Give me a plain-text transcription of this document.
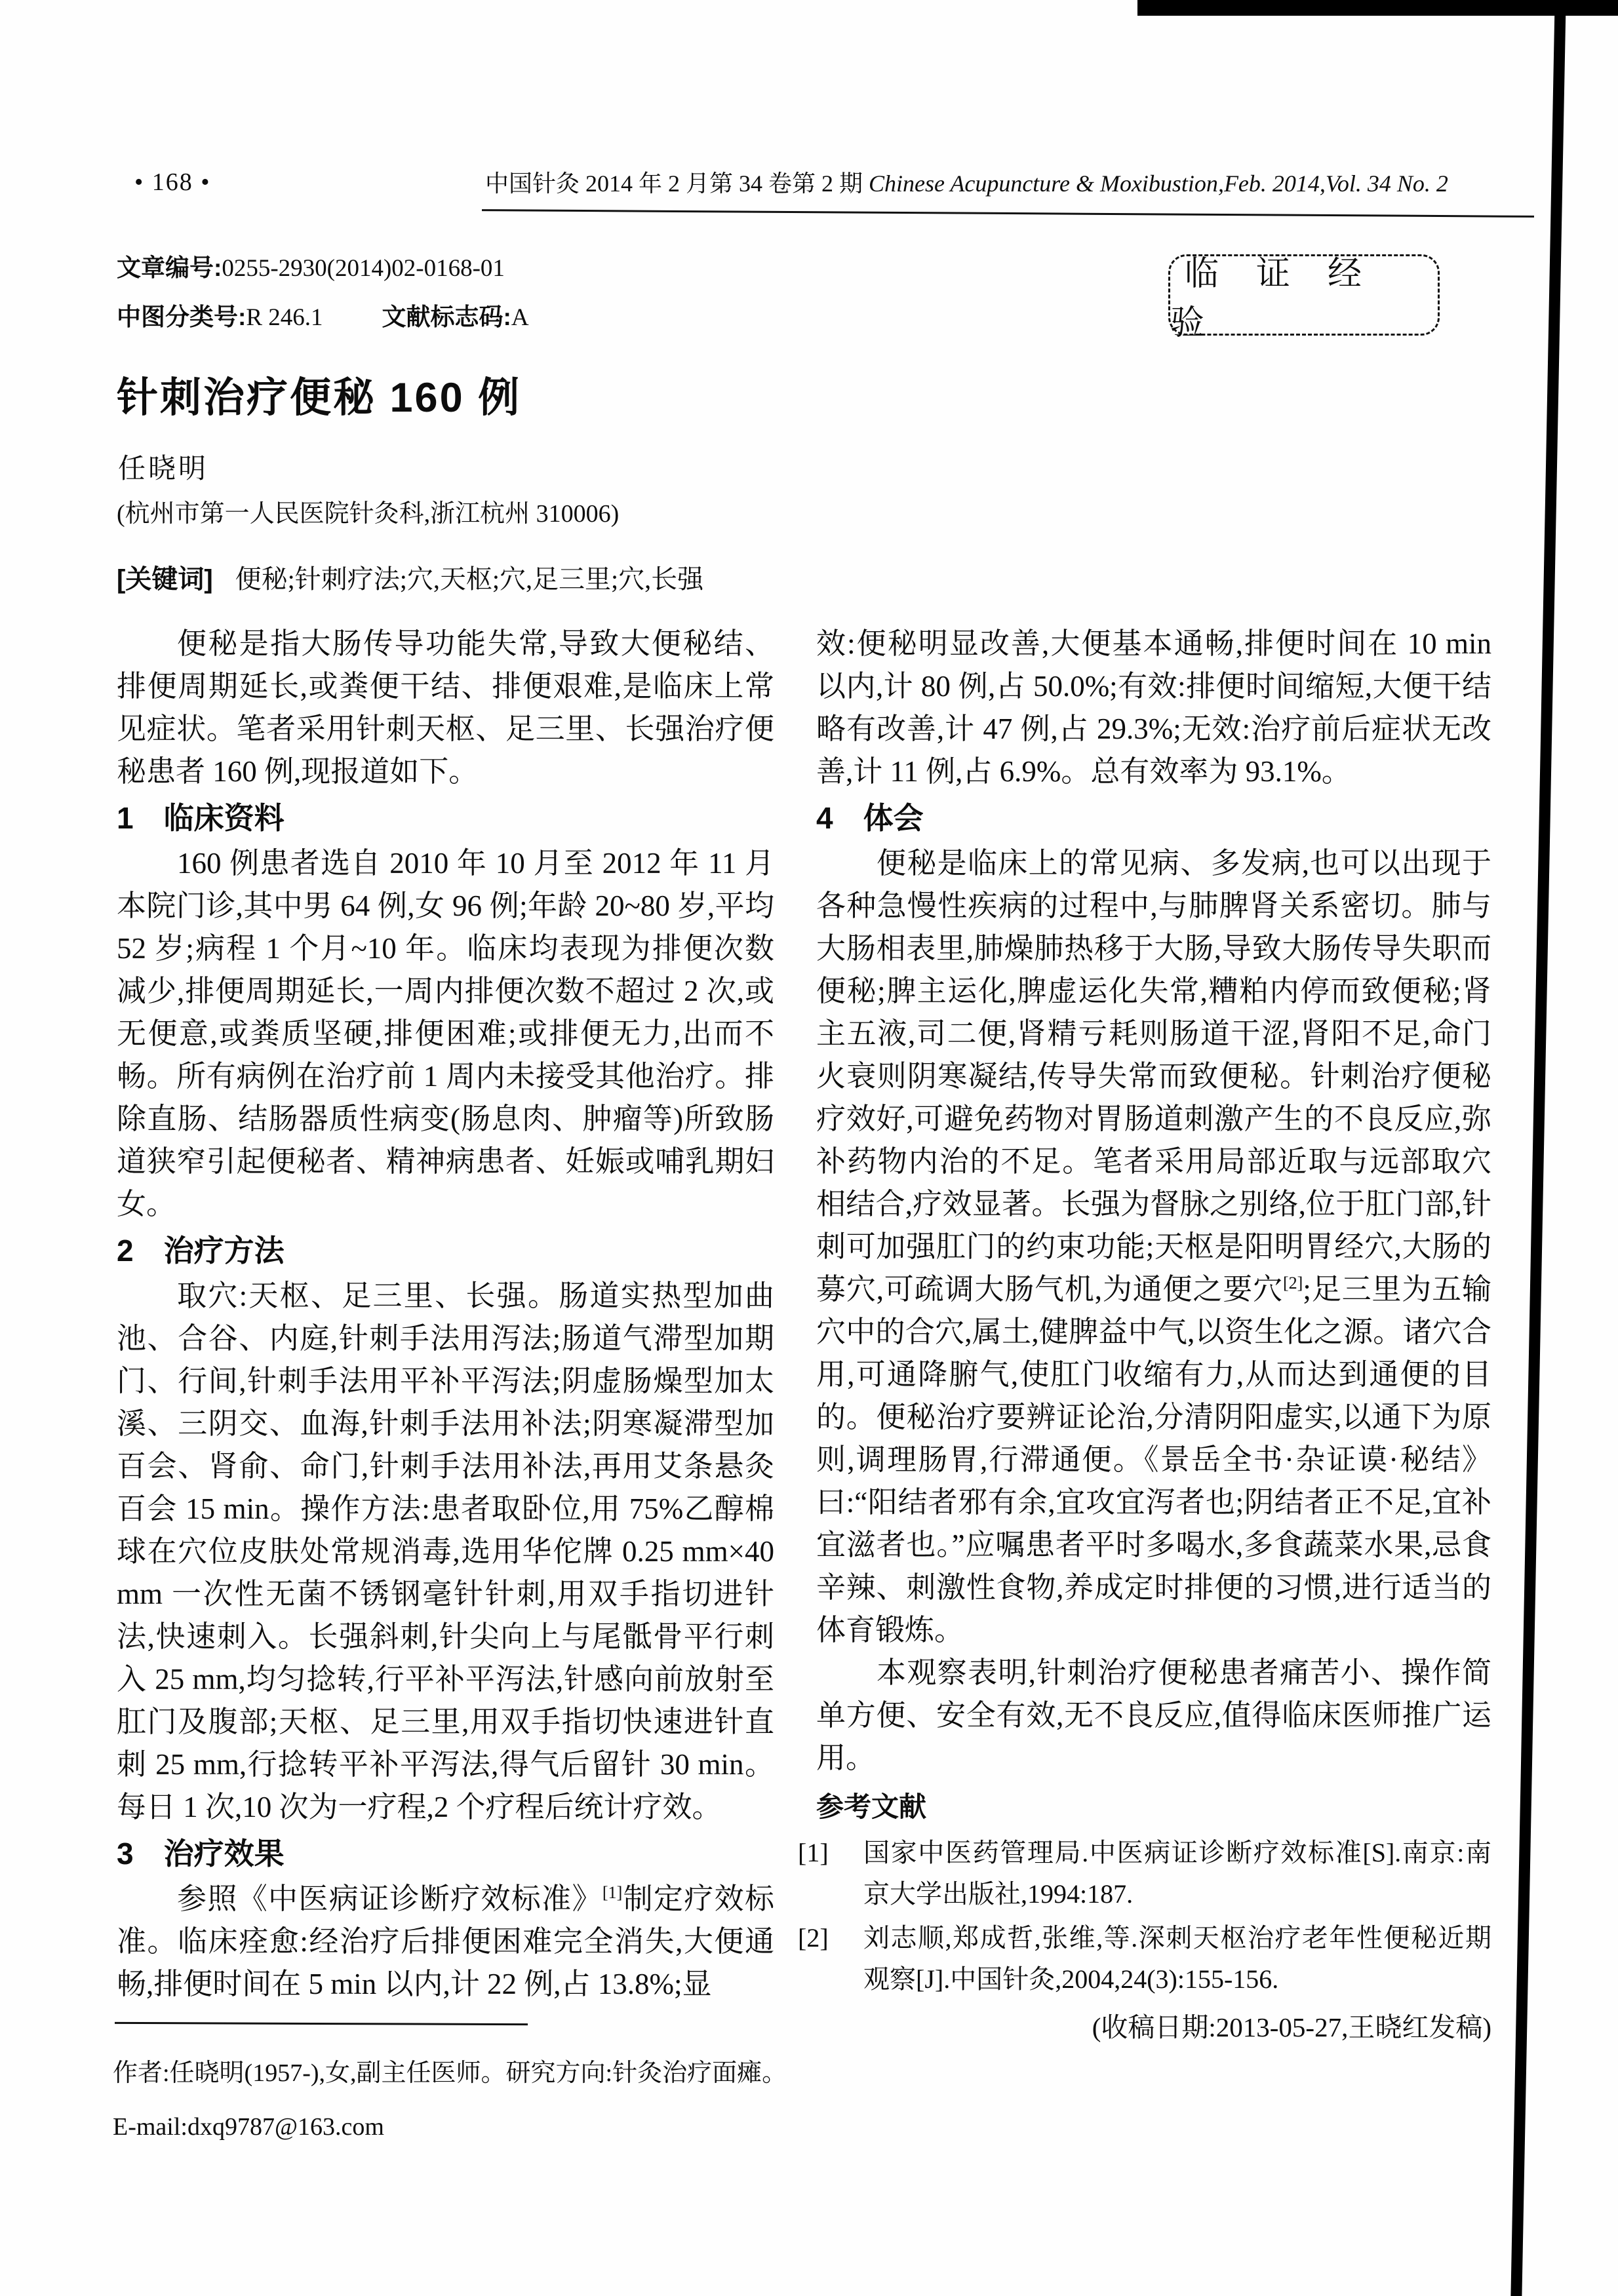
• 168 •	中国针灸 2014 年 2 月第 34 卷第 2 期 Chinese Acupuncture & Moxibustion,Feb. 2014,Vol. 34 No. 2
文章编号:0255-2930(2014)02-0168-01
中图分类号:R 246.1 文献标志码:A
临 证 经 验
针刺治疗便秘 160 例
任晓明
(杭州市第一人民医院针灸科,浙江杭州 310006)
[关键词] 便秘;针刺疗法;穴,天枢;穴,足三里;穴,长强

便秘是指大肠传导功能失常,导致大便秘结、排便周期延长,或粪便干结、排便艰难,是临床上常见症状。笔者采用针刺天枢、足三里、长强治疗便秘患者 160 例,现报道如下。

1　临床资料

160 例患者选自 2010 年 10 月至 2012 年 11 月本院门诊,其中男 64 例,女 96 例;年龄 20~80 岁,平均 52 岁;病程 1 个月~10 年。临床均表现为排便次数减少,排便周期延长,一周内排便次数不超过 2 次,或无便意,或粪质坚硬,排便困难;或排便无力,出而不畅。所有病例在治疗前 1 周内未接受其他治疗。排除直肠、结肠器质性病变(肠息肉、肿瘤等)所致肠道狭窄引起便秘者、精神病患者、妊娠或哺乳期妇女。

2　治疗方法

取穴:天枢、足三里、长强。肠道实热型加曲池、合谷、内庭,针刺手法用泻法;肠道气滞型加期门、行间,针刺手法用平补平泻法;阴虚肠燥型加太溪、三阴交、血海,针刺手法用补法;阴寒凝滞型加百会、肾俞、命门,针刺手法用补法,再用艾条悬灸百会 15 min。操作方法:患者取卧位,用 75%乙醇棉球在穴位皮肤处常规消毒,选用华佗牌 0.25 mm×40 mm 一次性无菌不锈钢毫针针刺,用双手指切进针法,快速刺入。长强斜刺,针尖向上与尾骶骨平行刺入 25 mm,均匀捻转,行平补平泻法,针感向前放射至肛门及腹部;天枢、足三里,用双手指切快速进针直刺 25 mm,行捻转平补平泻法,得气后留针 30 min。每日 1 次,10 次为一疗程,2 个疗程后统计疗效。

3　治疗效果

参照《中医病证诊断疗效标准》[1]制定疗效标准。临床痊愈:经治疗后排便困难完全消失,大便通畅,排便时间在 5 min 以内,计 22 例,占 13.8%;显

效:便秘明显改善,大便基本通畅,排便时间在 10 min 以内,计 80 例,占 50.0%;有效:排便时间缩短,大便干结略有改善,计 47 例,占 29.3%;无效:治疗前后症状无改善,计 11 例,占 6.9%。总有效率为 93.1%。

4　体会

便秘是临床上的常见病、多发病,也可以出现于各种急慢性疾病的过程中,与肺脾肾关系密切。肺与大肠相表里,肺燥肺热移于大肠,导致大肠传导失职而便秘;脾主运化,脾虚运化失常,糟粕内停而致便秘;肾主五液,司二便,肾精亏耗则肠道干涩,肾阳不足,命门火衰则阴寒凝结,传导失常而致便秘。针刺治疗便秘疗效好,可避免药物对胃肠道刺激产生的不良反应,弥补药物内治的不足。笔者采用局部近取与远部取穴相结合,疗效显著。长强为督脉之别络,位于肛门部,针刺可加强肛门的约束功能;天枢是阳明胃经穴,大肠的募穴,可疏调大肠气机,为通便之要穴[2];足三里为五输穴中的合穴,属土,健脾益中气,以资生化之源。诸穴合用,可通降腑气,使肛门收缩有力,从而达到通便的目的。便秘治疗要辨证论治,分清阴阳虚实,以通下为原则,调理肠胃,行滞通便。《景岳全书·杂证谟·秘结》曰:“阳结者邪有余,宜攻宜泻者也;阴结者正不足,宜补宜滋者也。”应嘱患者平时多喝水,多食蔬菜水果,忌食辛辣、刺激性食物,养成定时排便的习惯,进行适当的体育锻炼。

本观察表明,针刺治疗便秘患者痛苦小、操作简单方便、安全有效,无不良反应,值得临床医师推广运用。

参考文献
[1] 国家中医药管理局.中医病证诊断疗效标准[S].南京:南京大学出版社,1994:187.
[2] 刘志顺,郑成哲,张维,等.深刺天枢治疗老年性便秘近期观察[J].中国针灸,2004,24(3):155-156.
(收稿日期:2013-05-27,王晓红发稿)
作者:任晓明(1957-),女,副主任医师。研究方向:针灸治疗面瘫。
E-mail:dxq9787@163.com
